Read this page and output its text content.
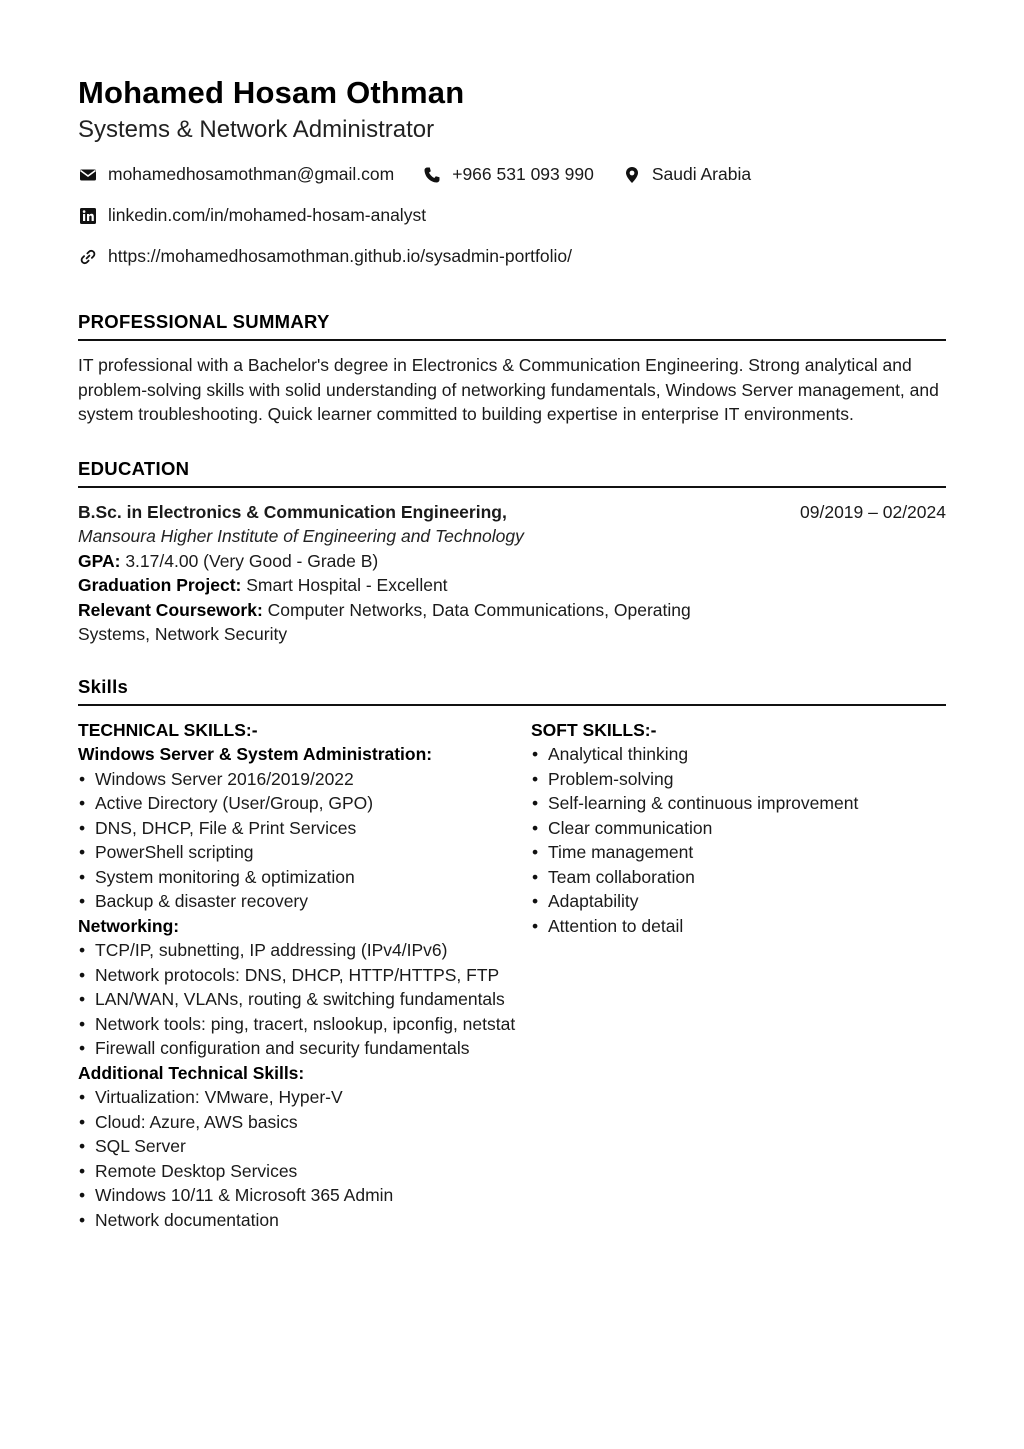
Mohamed Hosam Othman
Systems & Network Administrator
mohamedhosamothman@gmail.com	+966 531 093 990	Saudi Arabia
linkedin.com/in/mohamed-hosam-analyst
https://mohamedhosamothman.github.io/sysadmin-portfolio/
PROFESSIONAL SUMMARY

IT professional with a Bachelor's degree in Electronics & Communication Engineering. Strong analytical and problem-solving skills with solid understanding of networking fundamentals, Windows Server management, and system troubleshooting. Quick learner committed to building expertise in enterprise IT environments.

EDUCATION
B.Sc. in Electronics & Communication Engineering,	09/2019 – 02/2024
Mansoura Higher Institute of Engineering and Technology
GPA: 3.17/4.00 (Very Good - Grade B)
Graduation Project: Smart Hospital - Excellent
Relevant Coursework: Computer Networks, Data Communications, Operating Systems, Network Security
Skills
TECHNICAL SKILLS:-
Windows Server & System Administration:
• Windows Server 2016/2019/2022
• Active Directory (User/Group, GPO)
• DNS, DHCP, File & Print Services
• PowerShell scripting
• System monitoring & optimization
• Backup & disaster recovery
Networking:
• TCP/IP, subnetting, IP addressing (IPv4/IPv6)
• Network protocols: DNS, DHCP, HTTP/HTTPS, FTP
• LAN/WAN, VLANs, routing & switching fundamentals
• Network tools: ping, tracert, nslookup, ipconfig, netstat
• Firewall configuration and security fundamentals
Additional Technical Skills:
• Virtualization: VMware, Hyper-V
• Cloud: Azure, AWS basics
• SQL Server
• Remote Desktop Services
• Windows 10/11 & Microsoft 365 Admin
• Network documentation
SOFT SKILLS:-
• Analytical thinking
• Problem-solving
• Self-learning & continuous improvement
• Clear communication
• Time management
• Team collaboration
• Adaptability
• Attention to detail
